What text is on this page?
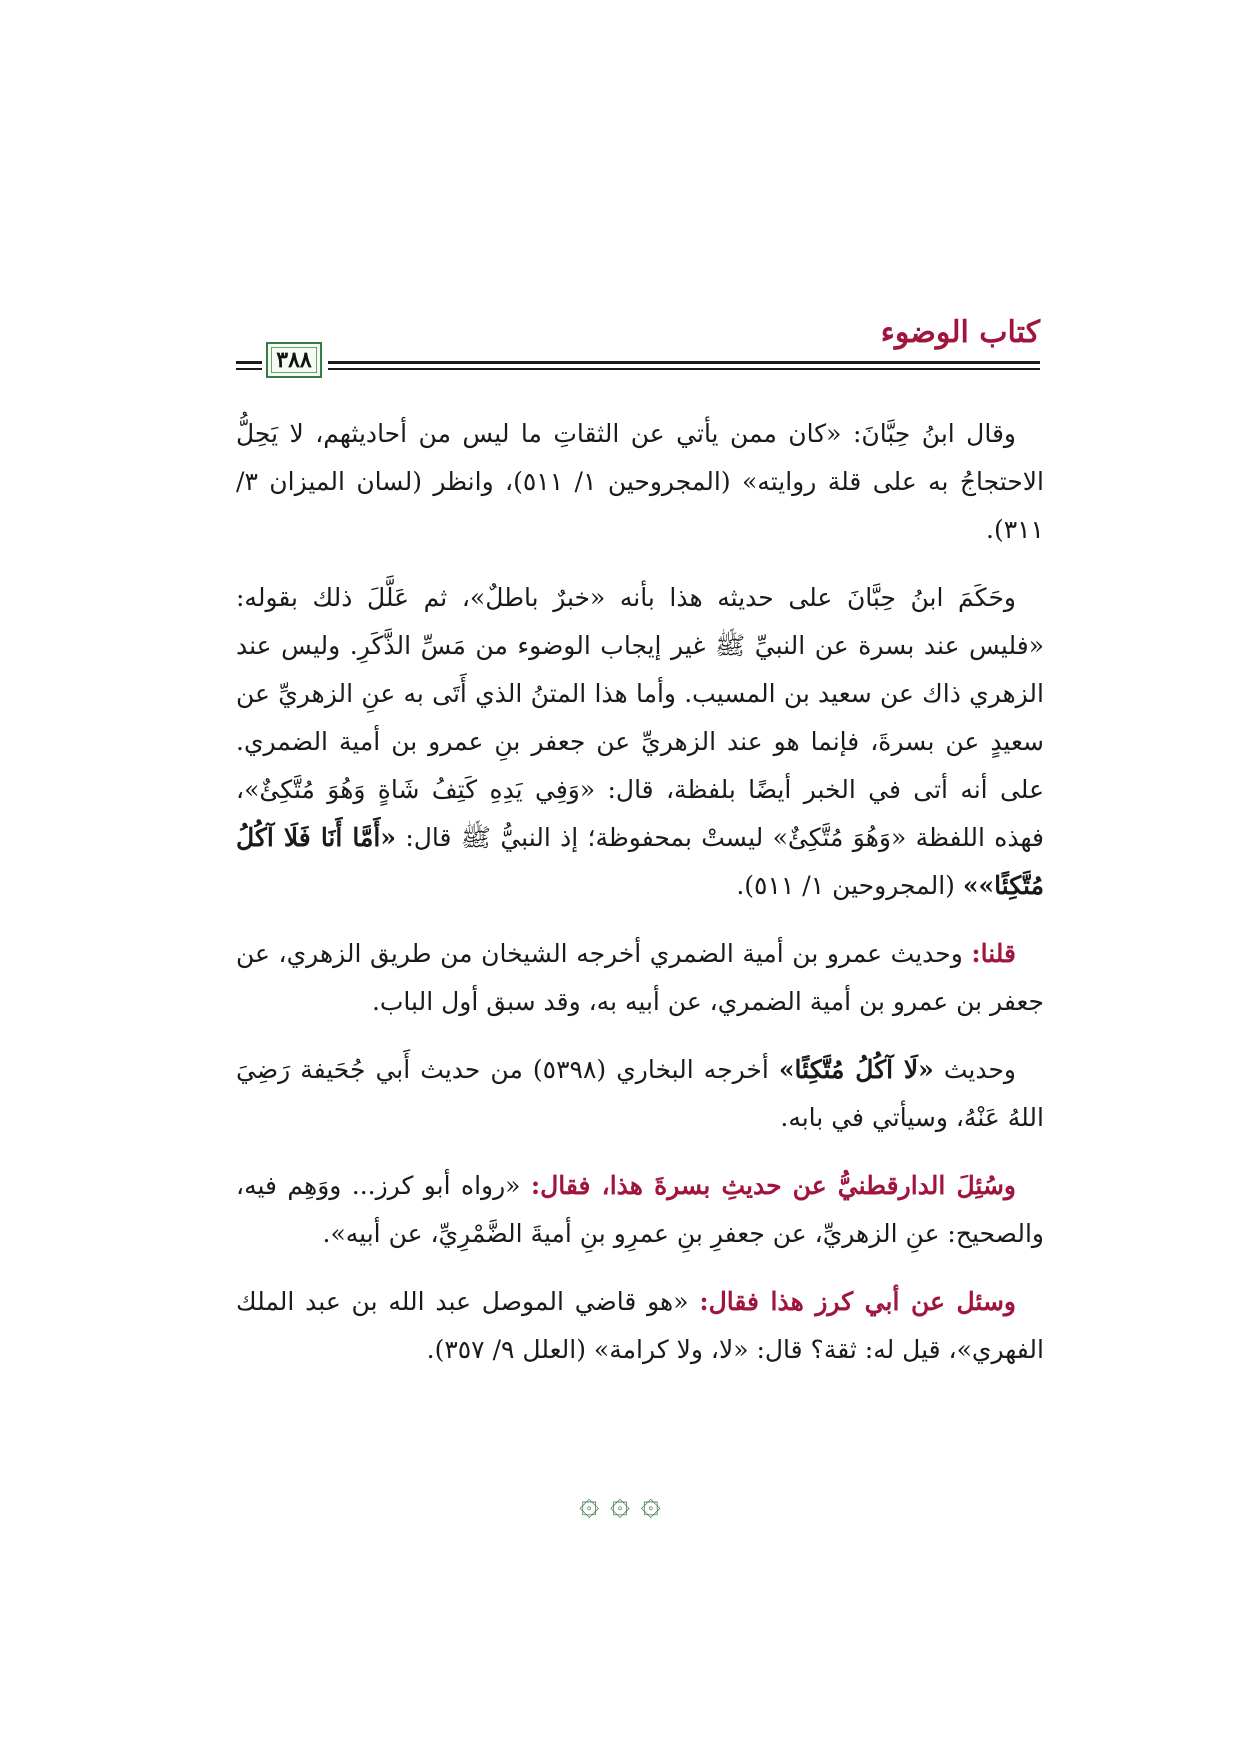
كتاب الوضوء
٣٨٨

وقال ابنُ حِبَّانَ: «كان ممن يأتي عن الثقاتِ ما ليس من أحاديثهم، لا يَحِلُّ الاحتجاجُ به على قلة روايته» (المجروحين ١/ ٥١١)، وانظر (لسان الميزان ٣/ ٣١١).

وحَكَمَ ابنُ حِبَّانَ على حديثه هذا بأنه «خبرٌ باطلٌ»، ثم عَلَّلَ ذلك بقوله: «فليس عند بسرة عن النبيِّ ﷺ غير إيجاب الوضوء من مَسِّ الذَّكَرِ. وليس عند الزهري ذاك عن سعيد بن المسيب. وأما هذا المتنُ الذي أَتَى به عنِ الزهريِّ عن سعيدٍ عن بسرةَ، فإنما هو عند الزهريِّ عن جعفر بنِ عمرو بن أمية الضمري. على أنه أتى في الخبر أيضًا بلفظة، قال: «وَفِي يَدِهِ كَتِفُ شَاةٍ وَهُوَ مُتَّكِئٌ»، فهذه اللفظة «وَهُوَ مُتَّكِئٌ» ليستْ بمحفوظة؛ إذ النبيُّ ﷺ قال: «أَمَّا أَنَا فَلَا آكُلُ مُتَّكِئًا»» (المجروحين ١/ ٥١١).

قلنا: وحديث عمرو بن أمية الضمري أخرجه الشيخان من طريق الزهري، عن جعفر بن عمرو بن أمية الضمري، عن أبيه به، وقد سبق أول الباب.

وحديث «لَا آكُلُ مُتَّكِئًا» أخرجه البخاري (٥٣٩٨) من حديث أَبي جُحَيفة رَضِيَ اللهُ عَنْهُ، وسيأتي في بابه.

وسُئِلَ الدارقطنيُّ عن حديثِ بسرةَ هذا، فقال: «رواه أبو كرز... ووَهِم فيه، والصحيح: عنِ الزهريِّ، عن جعفرِ بنِ عمرِو بنِ أميةَ الضَّمْرِيِّ، عن أبيه».

وسئل عن أبي كرز هذا فقال: «هو قاضي الموصل عبد الله بن عبد الملك الفهري»، قيل له: ثقة؟ قال: «لا، ولا كرامة» (العلل ٩/ ٣٥٧).

۞ ۞ ۞
